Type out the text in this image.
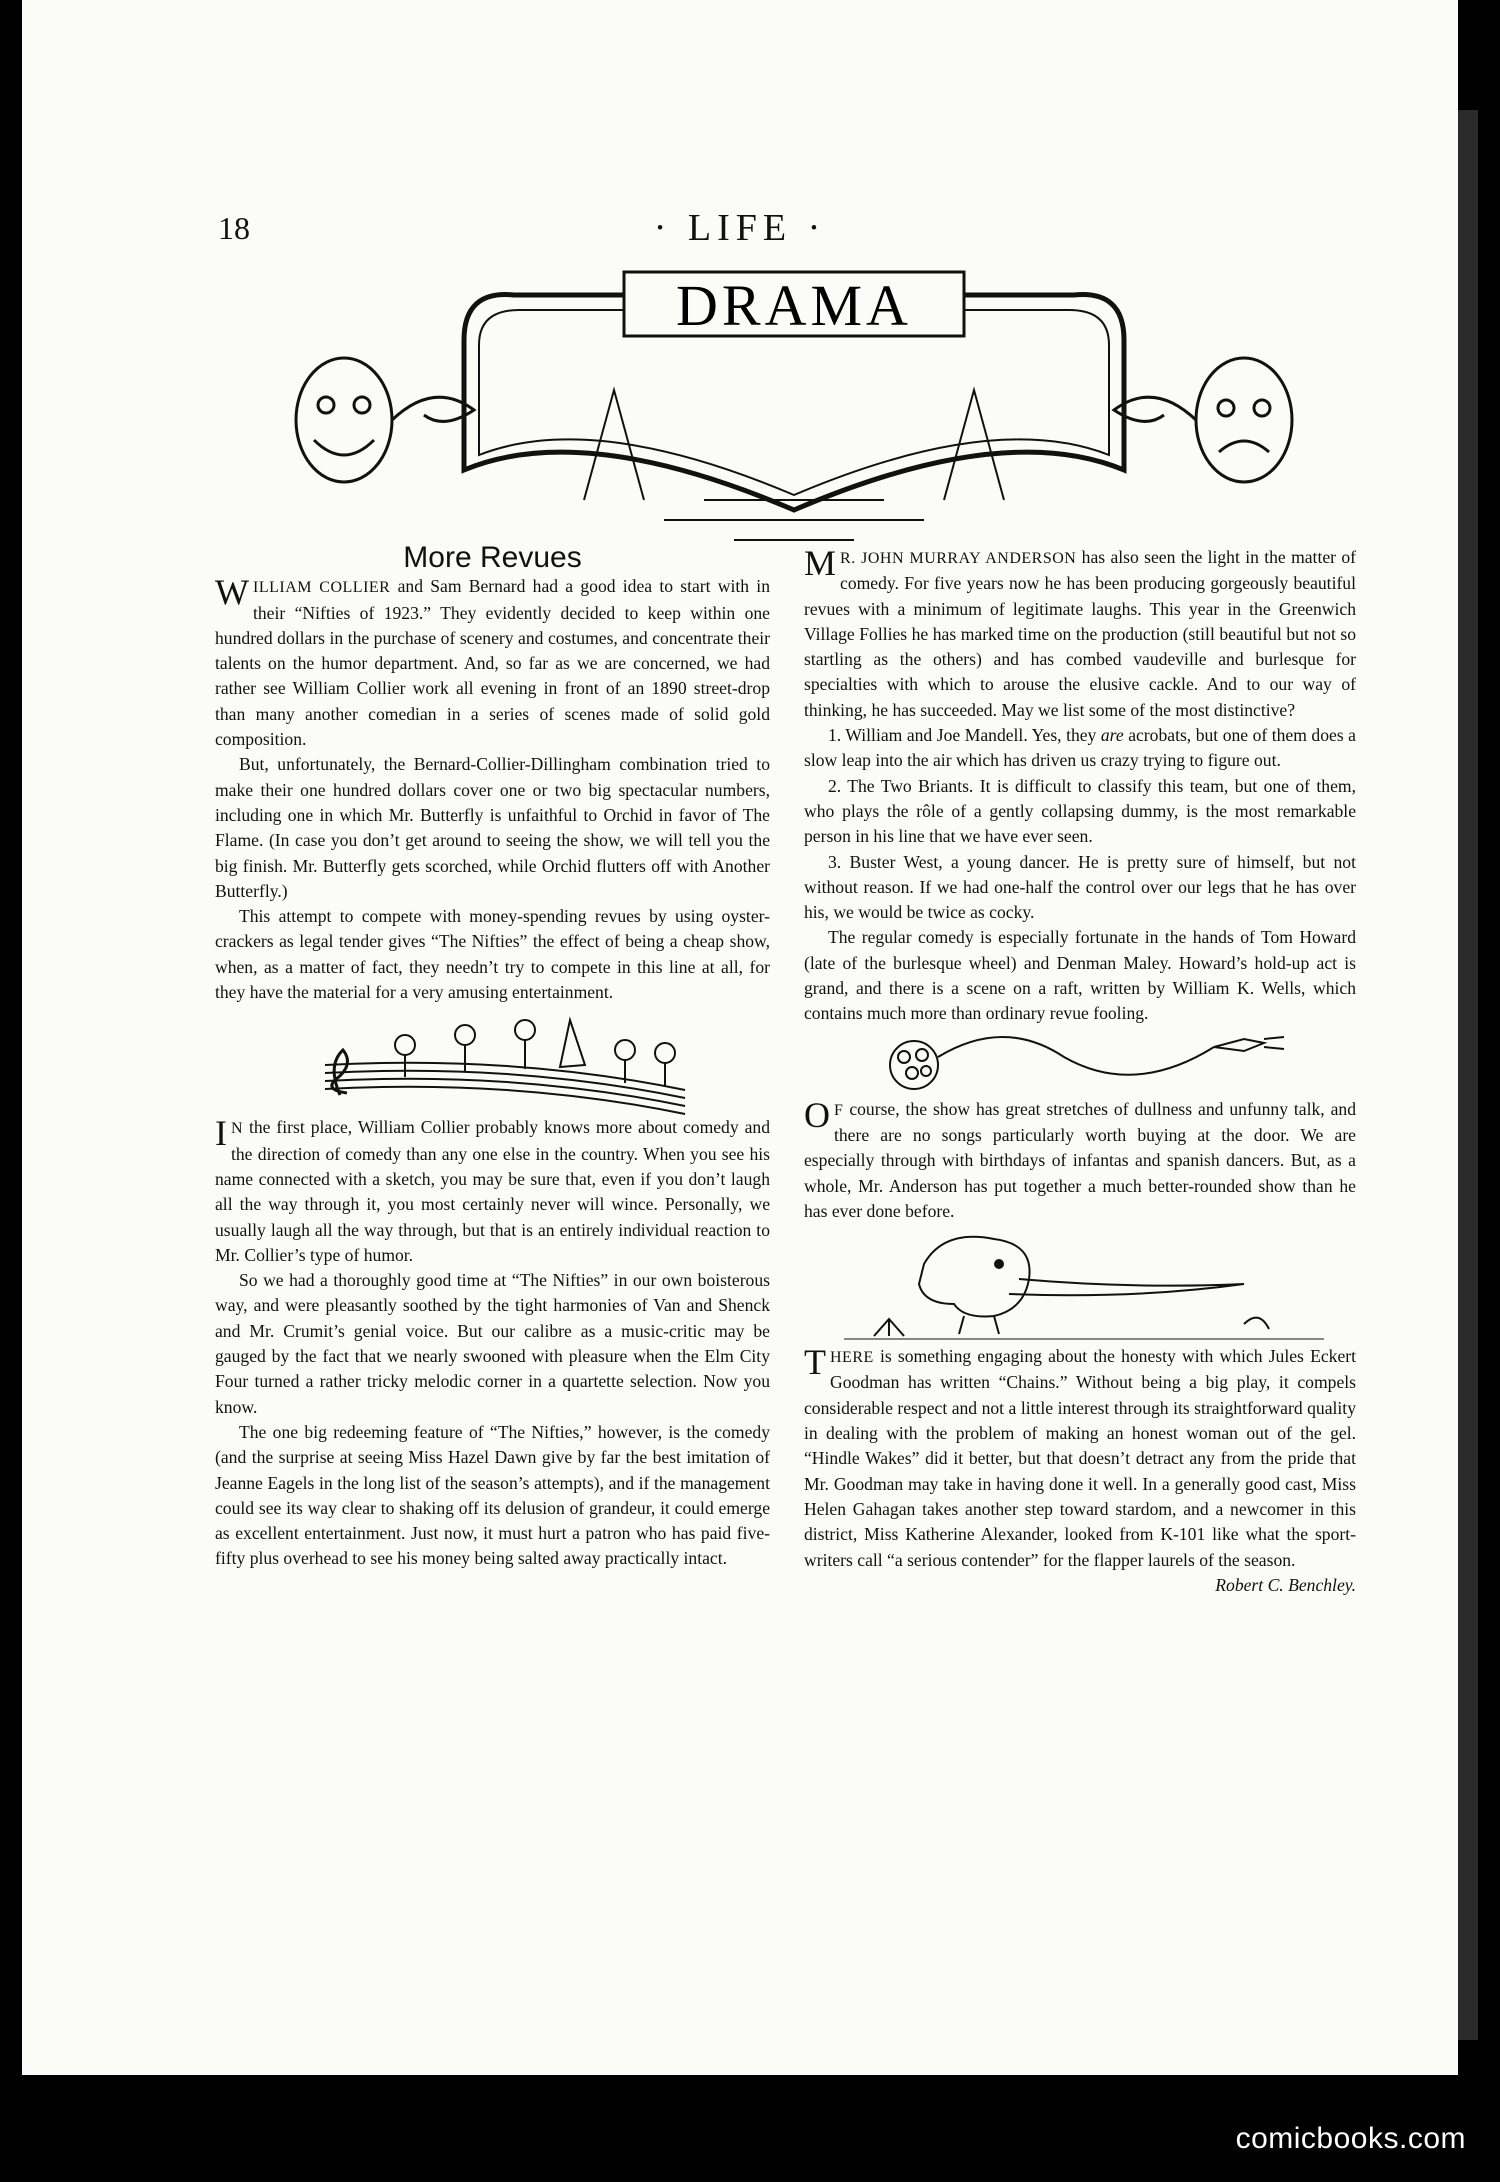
18	· LIFE ·
DRAMA
More Revues

WILLIAM COLLIER and Sam Bernard had a good idea to start with in their “Nifties of 1923.” They evidently decided to keep within one hundred dollars in the purchase of scenery and costumes, and concentrate their talents on the humor department. And, so far as we are concerned, we had rather see William Collier work all evening in front of an 1890 street-drop than many another comedian in a series of scenes made of solid gold composition.

But, unfortunately, the Bernard-Collier-Dillingham combination tried to make their one hundred dollars cover one or two big spectacular numbers, including one in which Mr. Butterfly is unfaithful to Orchid in favor of The Flame. (In case you don’t get around to seeing the show, we will tell you the big finish. Mr. Butterfly gets scorched, while Orchid flutters off with Another Butterfly.)

This attempt to compete with money-spending revues by using oyster-crackers as legal tender gives “The Nifties” the effect of being a cheap show, when, as a matter of fact, they needn’t try to compete in this line at all, for they have the material for a very amusing entertainment.

I N the first place, William Collier probably knows more about comedy and the direction of comedy than any one else in the country. When you see his name connected with a sketch, you may be sure that, even if you don’t laugh all the way through it, you most certainly never will wince. Personally, we usually laugh all the way through, but that is an entirely individual reaction to Mr. Collier’s type of humor.

So we had a thoroughly good time at “The Nifties” in our own boisterous way, and were pleasantly soothed by the tight harmonies of Van and Shenck and Mr. Crumit’s genial voice. But our calibre as a music-critic may be gauged by the fact that we nearly swooned with pleasure when the Elm City Four turned a rather tricky melodic corner in a quartette selection. Now you know.

The one big redeeming feature of “The Nifties,” however, is the comedy (and the surprise at seeing Miss Hazel Dawn give by far the best imitation of Jeanne Eagels in the long list of the season’s attempts), and if the management could see its way clear to shaking off its delusion of grandeur, it could emerge as excellent entertainment. Just now, it must hurt a patron who has paid five-fifty plus overhead to see his money being salted away practically intact.

M R. JOHN MURRAY ANDERSON has also seen the light in the matter of comedy. For five years now he has been producing gorgeously beautiful revues with a minimum of legitimate laughs. This year in the Greenwich Village Follies he has marked time on the production (still beautiful but not so startling as the others) and has combed vaudeville and burlesque for specialties with which to arouse the elusive cackle. And to our way of thinking, he has succeeded. May we list some of the most distinctive?

1. William and Joe Mandell. Yes, they are acrobats, but one of them does a slow leap into the air which has driven us crazy trying to figure out.

2. The Two Briants. It is difficult to classify this team, but one of them, who plays the rôle of a gently collapsing dummy, is the most remarkable person in his line that we have ever seen.

3. Buster West, a young dancer. He is pretty sure of himself, but not without reason. If we had one-half the control over our legs that he has over his, we would be twice as cocky.

The regular comedy is especially fortunate in the hands of Tom Howard (late of the burlesque wheel) and Denman Maley. Howard’s hold-up act is grand, and there is a scene on a raft, written by William K. Wells, which contains much more than ordinary revue fooling.

O F course, the show has great stretches of dullness and unfunny talk, and there are no songs particularly worth buying at the door. We are especially through with birthdays of infantas and spanish dancers. But, as a whole, Mr. Anderson has put together a much better-rounded show than he has ever done before.

THERE is something engaging about the honesty with which Jules Eckert Goodman has written “Chains.” Without being a big play, it compels considerable respect and not a little interest through its straightforward quality in dealing with the problem of making an honest woman out of the gel. “Hindle Wakes” did it better, but that doesn’t detract any from the pride that Mr. Goodman may take in having done it well. In a generally good cast, Miss Helen Gahagan takes another step toward stardom, and a newcomer in this district, Miss Katherine Alexander, looked from K-101 like what the sport-writers call “a serious contender” for the flapper laurels of the season.

Robert C. Benchley.

comicbooks.com
